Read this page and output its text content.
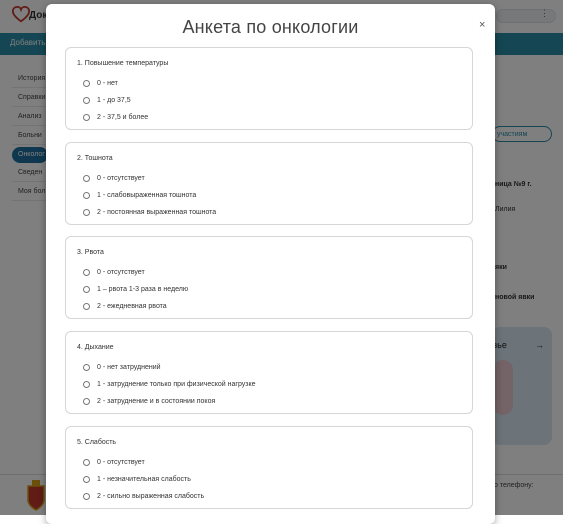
Анкета по онкологии	×
1. Повышение температуры
0 - нет
1 - до 37,5
2 - 37,5 и более
2. Тошнота
0 - отсутствует
1 - слабовыраженная тошнота
2 - постоянная выраженная тошнота
3. Рвота
0 - отсутствует
1 – рвота 1-3 раза в неделю
2 - ежедневная рвота
4. Дыхание
0 - нет затруднений
1 - затруднение только при физической нагрузке
2 - затруднение и в состоянии покоя
5. Слабость
0 - отсутствует
1 - незначительная слабость
2 - сильно выраженная слабость
